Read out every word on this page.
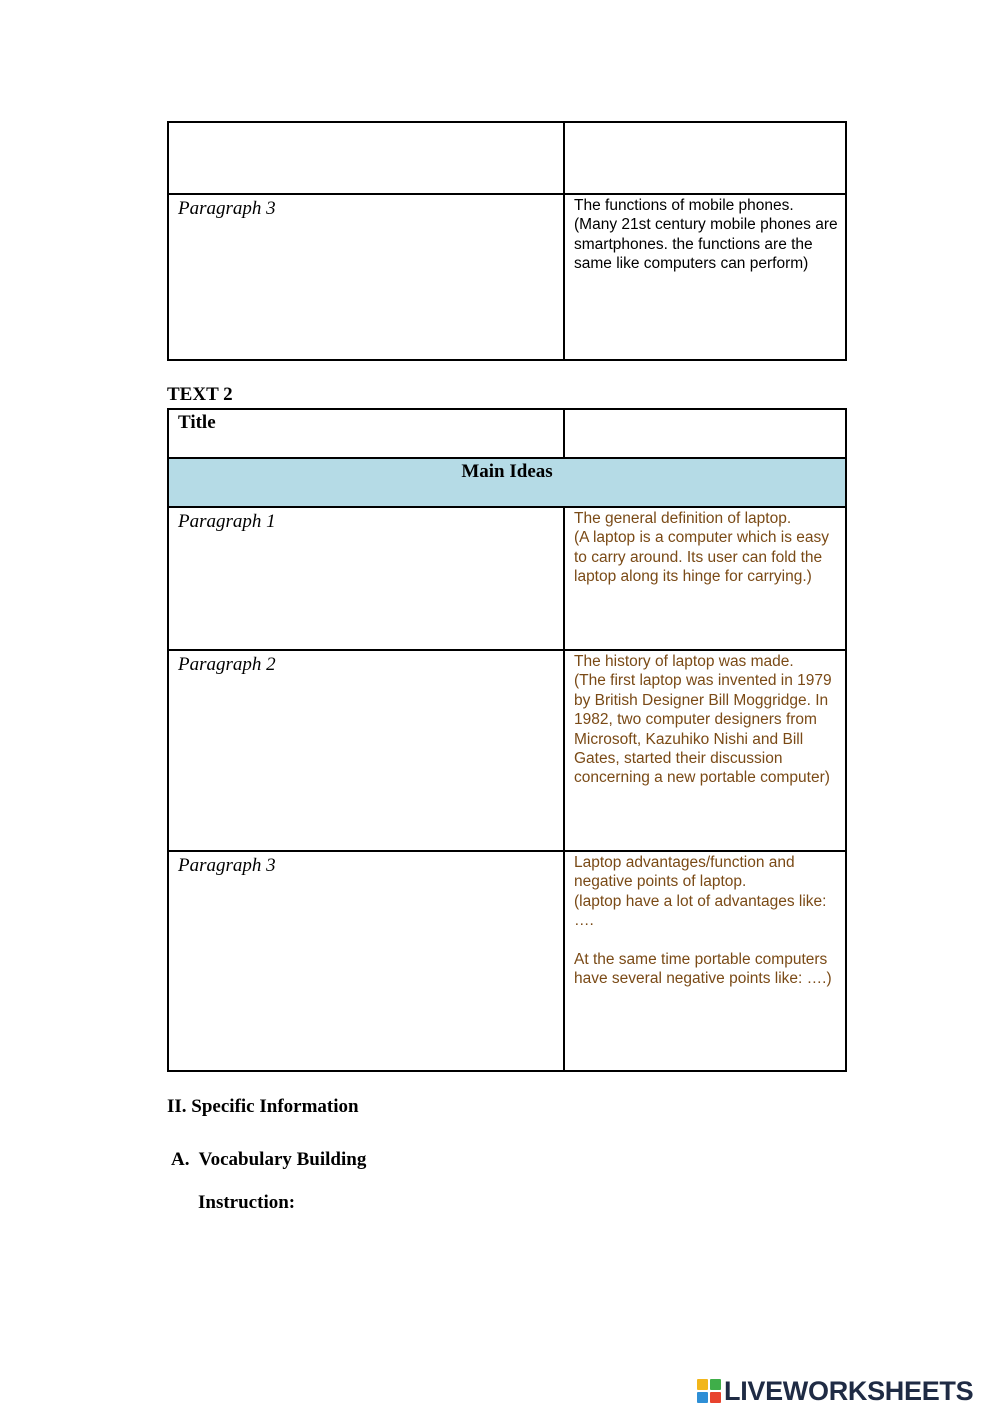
Paragraph 3	The functions of mobile phones.
(Many 21st century mobile phones are smartphones. the functions are the same like computers can perform)
TEXT 2
Title	

Main Ideas	

Paragraph 1	The general definition of laptop.
(A laptop is a computer which is easy to carry around. Its user can fold the laptop along its hinge for carrying.)

Paragraph 2	The history of laptop was made.
(The first laptop was invented in 1979 by British Designer Bill Moggridge. In 1982, two computer designers from Microsoft, Kazuhiko Nishi and Bill Gates, started their discussion concerning a new portable computer)

Paragraph 3	Laptop advantages/function and negative points of laptop.
(laptop have a lot of advantages like: ….

At the same time portable computers have several negative points like: ….)
II. Specific Information
A.  Vocabulary Building
Instruction:
LIVEWORKSHEETS
